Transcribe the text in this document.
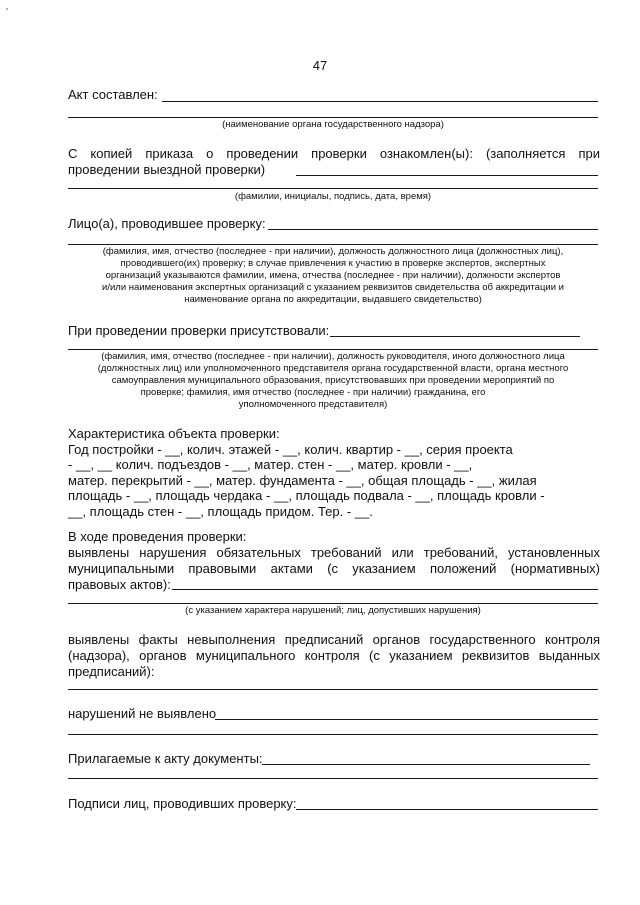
47
Акт составлен:
(наименование органа государственного надзора)
С копией приказа о проведении проверки ознакомлен(ы): (заполняется при
проведении выездной проверки)
(фамилии, инициалы, подпись, дата, время)
Лицо(а), проводившее проверку:
(фамилия, имя, отчество (последнее - при наличии), должность должностного лица (должностных лиц),
проводившего(их) проверку; в случае привлечения к участию в проверке экспертов, экспертных
организаций указываются фамилии, имена, отчества (последнее - при наличии), должности экспертов
и/или наименования экспертных организаций с указанием реквизитов свидетельства об аккредитации и
наименование органа по аккредитации, выдавшего свидетельство)
При проведении проверки присутствовали:
(фамилия, имя, отчество (последнее - при наличии), должность руководителя, иного должностного лица
(должностных лиц) или уполномоченного представителя органа государственной власти, органа местного
самоуправления муниципального образования, присутствовавших при проведении мероприятий по
проверке; фамилия, имя отчество (последнее - при наличии) гражданина, его
уполномоченного представителя)
Характеристика объекта проверки:
Год постройки - __, колич. этажей - __, колич. квартир - __, серия проекта
- __, __ колич. подъездов - __, матер. стен - __, матер. кровли - __,
матер. перекрытий - __, матер. фундамента - __, общая площадь - __, жилая
площадь - __, площадь чердака - __, площадь подвала - __, площадь кровли -
__, площадь стен - __, площадь придом. Тер. - __.
В ходе проведения проверки:
выявлены нарушения обязательных требований или требований, установленных
муниципальными правовыми актами (с указанием положений (нормативных)
правовых актов):
(с указанием характера нарушений; лиц, допустивших нарушения)
выявлены факты невыполнения предписаний органов государственного контроля
(надзора), органов муниципального контроля (с указанием реквизитов выданных
предписаний):
нарушений не выявлено
Прилагаемые к акту документы:
Подписи лиц, проводивших проверку:
